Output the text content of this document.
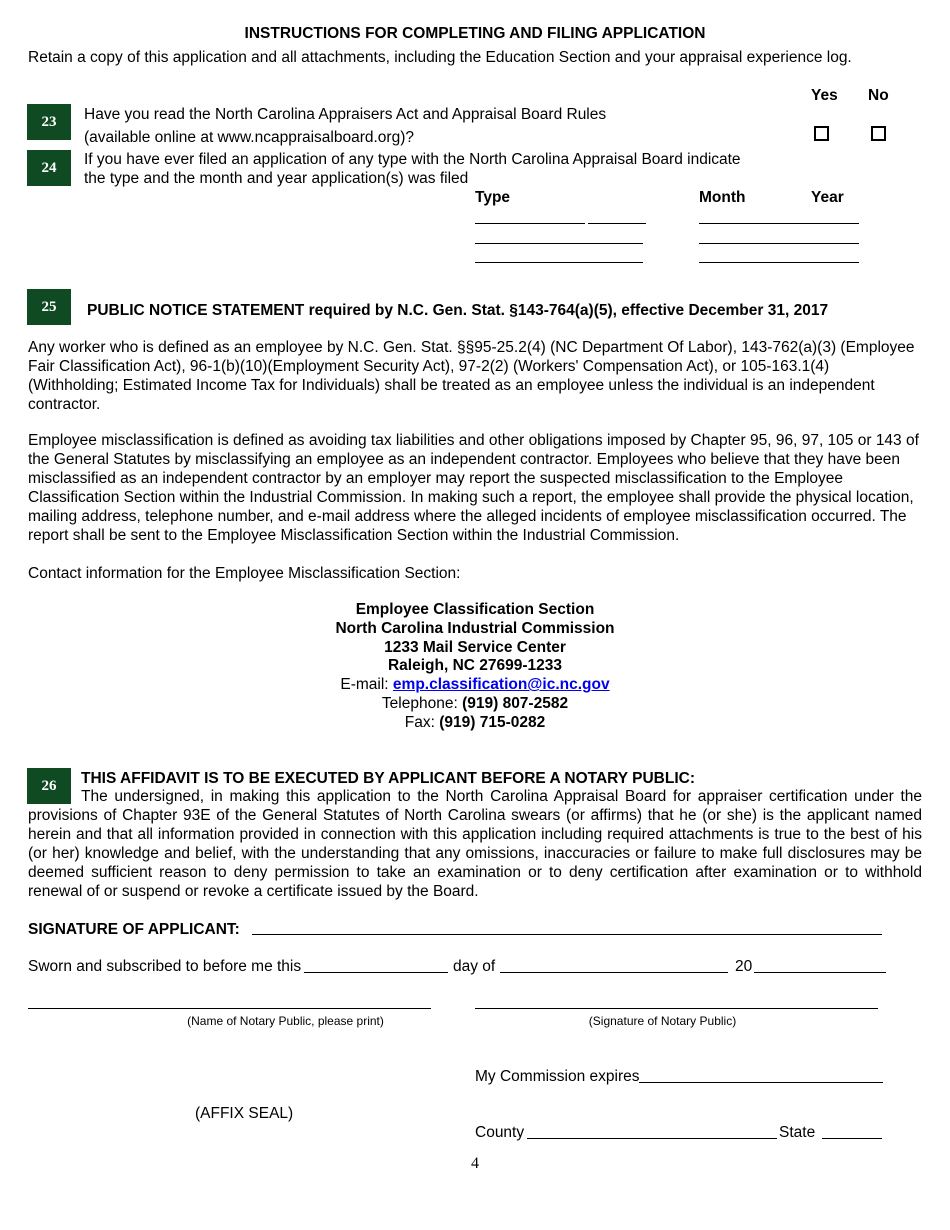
INSTRUCTIONS FOR COMPLETING AND FILING APPLICATION
Retain a copy of this application and all attachments, including the Education Section and your appraisal experience log.
Yes No
23	Have you read the North Carolina Appraisers Act and Appraisal Board Rules
(available online at www.ncappraisalboard.org)?
24	If you have ever filed an application of any type with the North Carolina Appraisal Board indicate
the type and the month and year application(s) was filed
Type	Month	Year
25	PUBLIC NOTICE STATEMENT required by N.C. Gen. Stat. §143-764(a)(5), effective December 31, 2017
Any worker who is defined as an employee by N.C. Gen. Stat. §§95-25.2(4) (NC Department Of Labor), 143-762(a)(3) (Employee Fair Classification Act), 96-1(b)(10)(Employment Security Act), 97-2(2) (Workers' Compensation Act), or 105-163.1(4) (Withholding; Estimated Income Tax for Individuals) shall be treated as an employee unless the individual is an independent contractor.
Employee misclassification is defined as avoiding tax liabilities and other obligations imposed by Chapter 95, 96, 97, 105 or 143 of the General Statutes by misclassifying an employee as an independent contractor. Employees who believe that they have been misclassified as an independent contractor by an employer may report the suspected misclassification to the Employee Classification Section within the Industrial Commission. In making such a report, the employee shall provide the physical location, mailing address, telephone number, and e-mail address where the alleged incidents of employee misclassification occurred. The report shall be sent to the Employee Misclassification Section within the Industrial Commission.
Contact information for the Employee Misclassification Section:
Employee Classification Section
North Carolina Industrial Commission
1233 Mail Service Center
Raleigh, NC 27699-1233
E-mail: emp.classification@ic.nc.gov
Telephone: (919) 807-2582
Fax: (919) 715-0282
26	THIS AFFIDAVIT IS TO BE EXECUTED BY APPLICANT BEFORE A NOTARY PUBLIC:
The undersigned, in making this application to the North Carolina Appraisal Board for appraiser certification under the provisions of Chapter 93E of the General Statutes of North Carolina swears (or affirms) that he (or she) is the applicant named herein and that all information provided in connection with this application including required attachments is true to the best of his (or her) knowledge and belief, with the understanding that any omissions, inaccuracies or failure to make full disclosures may be deemed sufficient reason to deny permission to take an examination or to deny certification after examination or to withhold renewal of or suspend or revoke a certificate issued by the Board.
SIGNATURE OF APPLICANT:
Sworn and subscribed to before me this	day of	20
(Name of Notary Public, please print)	(Signature of Notary Public)
My Commission expires
(AFFIX SEAL)
County	State
4
